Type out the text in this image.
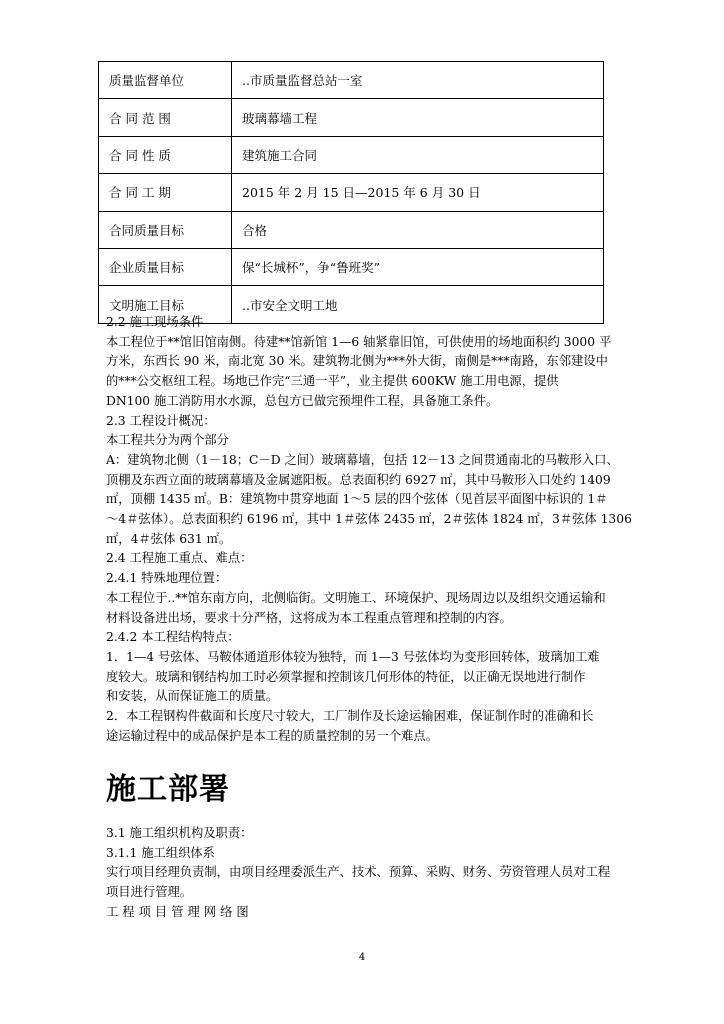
质量监督单位	..市质量监督总站一室
合 同 范 围	玻璃幕墙工程
合 同 性 质	建筑施工合同
合 同 工 期	2015 年 2 月 15 日—2015 年 6 月 30 日
合同质量目标	合格
企业质量目标	保“长城杯”，争“鲁班奖”
文明施工目标	..市安全文明工地

2.2 施工现场条件

本工程位于**馆旧馆南侧。待建**馆新馆 1—6 轴紧靠旧馆，可供使用的场地面积约 3000 平

方米，东西长 90 米，南北宽 30 米。建筑物北侧为***外大街，南侧是***南路，东邻建设中

的***公交枢纽工程。场地已作完“三通一平”，业主提供 600KW 施工用电源，提供

DN100 施工消防用水水源，总包方已做完预埋件工程，具备施工条件。

2.3 工程设计概况：

本工程共分为两个部分

A：建筑物北侧（1－18；C－D 之间）玻璃幕墙，包括 12－13 之间贯通南北的马鞍形入口、

顶棚及东西立面的玻璃幕墙及金属遮阳板。总表面积约 6927 ㎡，其中马鞍形入口处约 1409

㎡，顶棚 1435 ㎡。B：建筑物中贯穿地面 1～5 层的四个弦体（见首层平面图中标识的 1＃

～4＃弦体）。总表面积约 6196 ㎡，其中 1＃弦体 2435 ㎡，2＃弦体 1824 ㎡，3＃弦体 1306

㎡，4＃弦体 631 ㎡。

2.4 工程施工重点、难点：

2.4.1 特殊地理位置：

本工程位于..**馆东南方向，北侧临街。文明施工、环境保护、现场周边以及组织交通运输和

材料设备进出场，要求十分严格，这将成为本工程重点管理和控制的内容。

2.4.2 本工程结构特点：

1．1—4 号弦体、马鞍体通道形体较为独特，而 1—3 号弦体均为变形回转体，玻璃加工难

度较大。玻璃和钢结构加工时必须掌握和控制该几何形体的特征，以正确无误地进行制作

和安装，从而保证施工的质量。

2．本工程钢构件截面和长度尺寸较大，工厂制作及长途运输困难，保证制作时的准确和长

途运输过程中的成品保护是本工程的质量控制的另一个难点。

施工部署

3.1 施工组织机构及职责：

3.1.1 施工组织体系

实行项目经理负责制，由项目经理委派生产、技术、预算、采购、财务、劳资管理人员对工程

项目进行管理。

工程项目管理网络图

4
